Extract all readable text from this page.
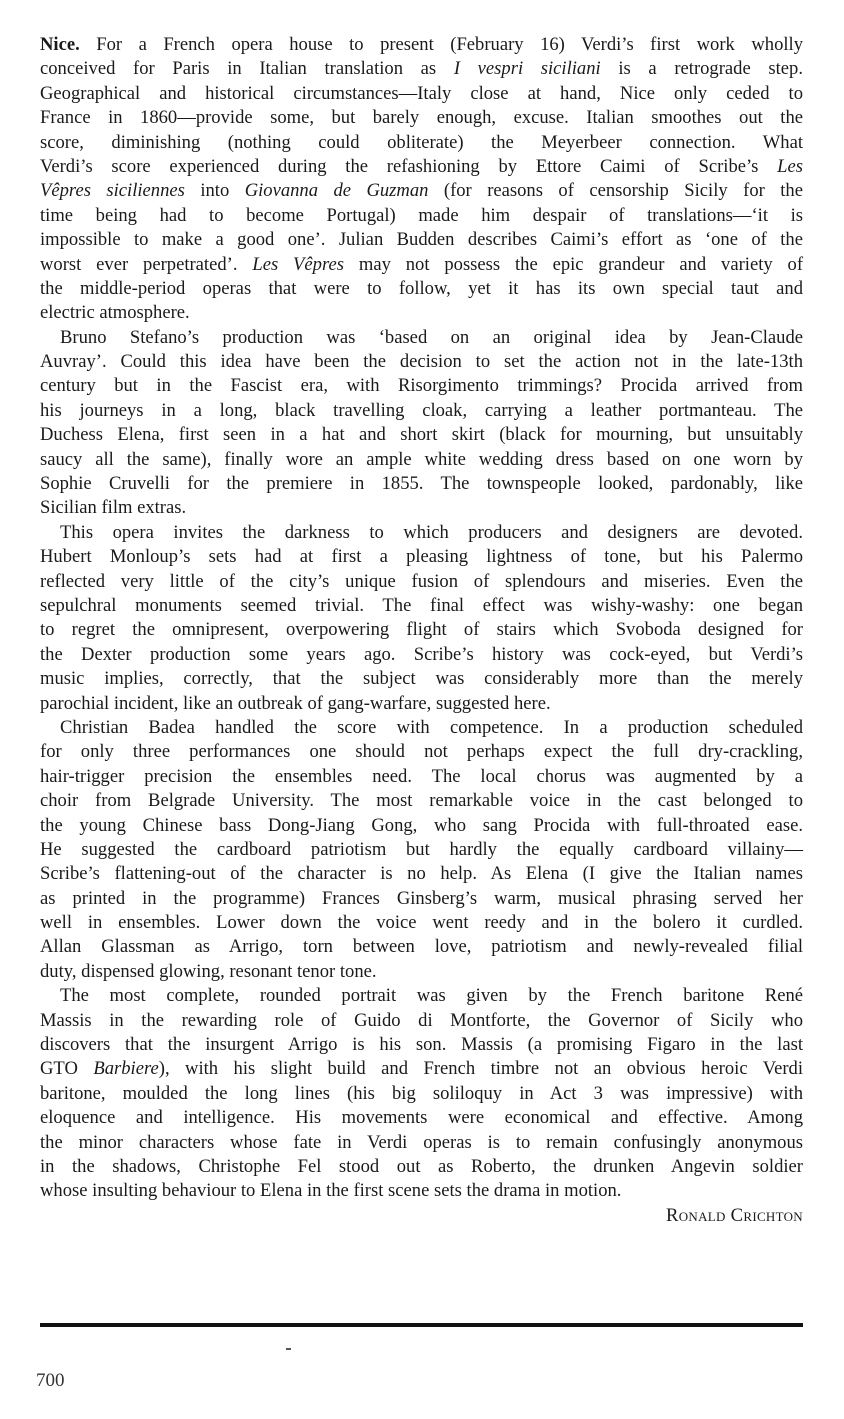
Nice. For a French opera house to present (February 16) Verdi’s first work wholly
conceived for Paris in Italian translation as I vespri siciliani is a retrograde step.
Geographical and historical circumstances—Italy close at hand, Nice only ceded to
France in 1860—provide some, but barely enough, excuse. Italian smoothes out the
score, diminishing (nothing could obliterate) the Meyerbeer connection. What
Verdi’s score experienced during the refashioning by Ettore Caimi of Scribe’s Les
Vêpres siciliennes into Giovanna de Guzman (for reasons of censorship Sicily for the
time being had to become Portugal) made him despair of translations—‘it is
impossible to make a good one’. Julian Budden describes Caimi’s effort as ‘one of the
worst ever perpetrated’. Les Vêpres may not possess the epic grandeur and variety of
the middle-period operas that were to follow, yet it has its own special taut and
electric atmosphere.
Bruno Stefano’s production was ‘based on an original idea by Jean-Claude
Auvray’. Could this idea have been the decision to set the action not in the late-13th
century but in the Fascist era, with Risorgimento trimmings? Procida arrived from
his journeys in a long, black travelling cloak, carrying a leather portmanteau. The
Duchess Elena, first seen in a hat and short skirt (black for mourning, but unsuitably
saucy all the same), finally wore an ample white wedding dress based on one worn by
Sophie Cruvelli for the premiere in 1855. The townspeople looked, pardonably, like
Sicilian film extras.
This opera invites the darkness to which producers and designers are devoted.
Hubert Monloup’s sets had at first a pleasing lightness of tone, but his Palermo
reflected very little of the city’s unique fusion of splendours and miseries. Even the
sepulchral monuments seemed trivial. The final effect was wishy-washy: one began
to regret the omnipresent, overpowering flight of stairs which Svoboda designed for
the Dexter production some years ago. Scribe’s history was cock-eyed, but Verdi’s
music implies, correctly, that the subject was considerably more than the merely
parochial incident, like an outbreak of gang-warfare, suggested here.
Christian Badea handled the score with competence. In a production scheduled
for only three performances one should not perhaps expect the full dry-crackling,
hair-trigger precision the ensembles need. The local chorus was augmented by a
choir from Belgrade University. The most remarkable voice in the cast belonged to
the young Chinese bass Dong-Jiang Gong, who sang Procida with full-throated ease.
He suggested the cardboard patriotism but hardly the equally cardboard villainy—
Scribe’s flattening-out of the character is no help. As Elena (I give the Italian names
as printed in the programme) Frances Ginsberg’s warm, musical phrasing served her
well in ensembles. Lower down the voice went reedy and in the bolero it curdled.
Allan Glassman as Arrigo, torn between love, patriotism and newly-revealed filial
duty, dispensed glowing, resonant tenor tone.
The most complete, rounded portrait was given by the French baritone René
Massis in the rewarding role of Guido di Montforte, the Governor of Sicily who
discovers that the insurgent Arrigo is his son. Massis (a promising Figaro in the last
GTO Barbiere), with his slight build and French timbre not an obvious heroic Verdi
baritone, moulded the long lines (his big soliloquy in Act 3 was impressive) with
eloquence and intelligence. His movements were economical and effective. Among
the minor characters whose fate in Verdi operas is to remain confusingly anonymous
in the shadows, Christophe Fel stood out as Roberto, the drunken Angevin soldier
whose insulting behaviour to Elena in the first scene sets the drama in motion.
Ronald Crichton
700
